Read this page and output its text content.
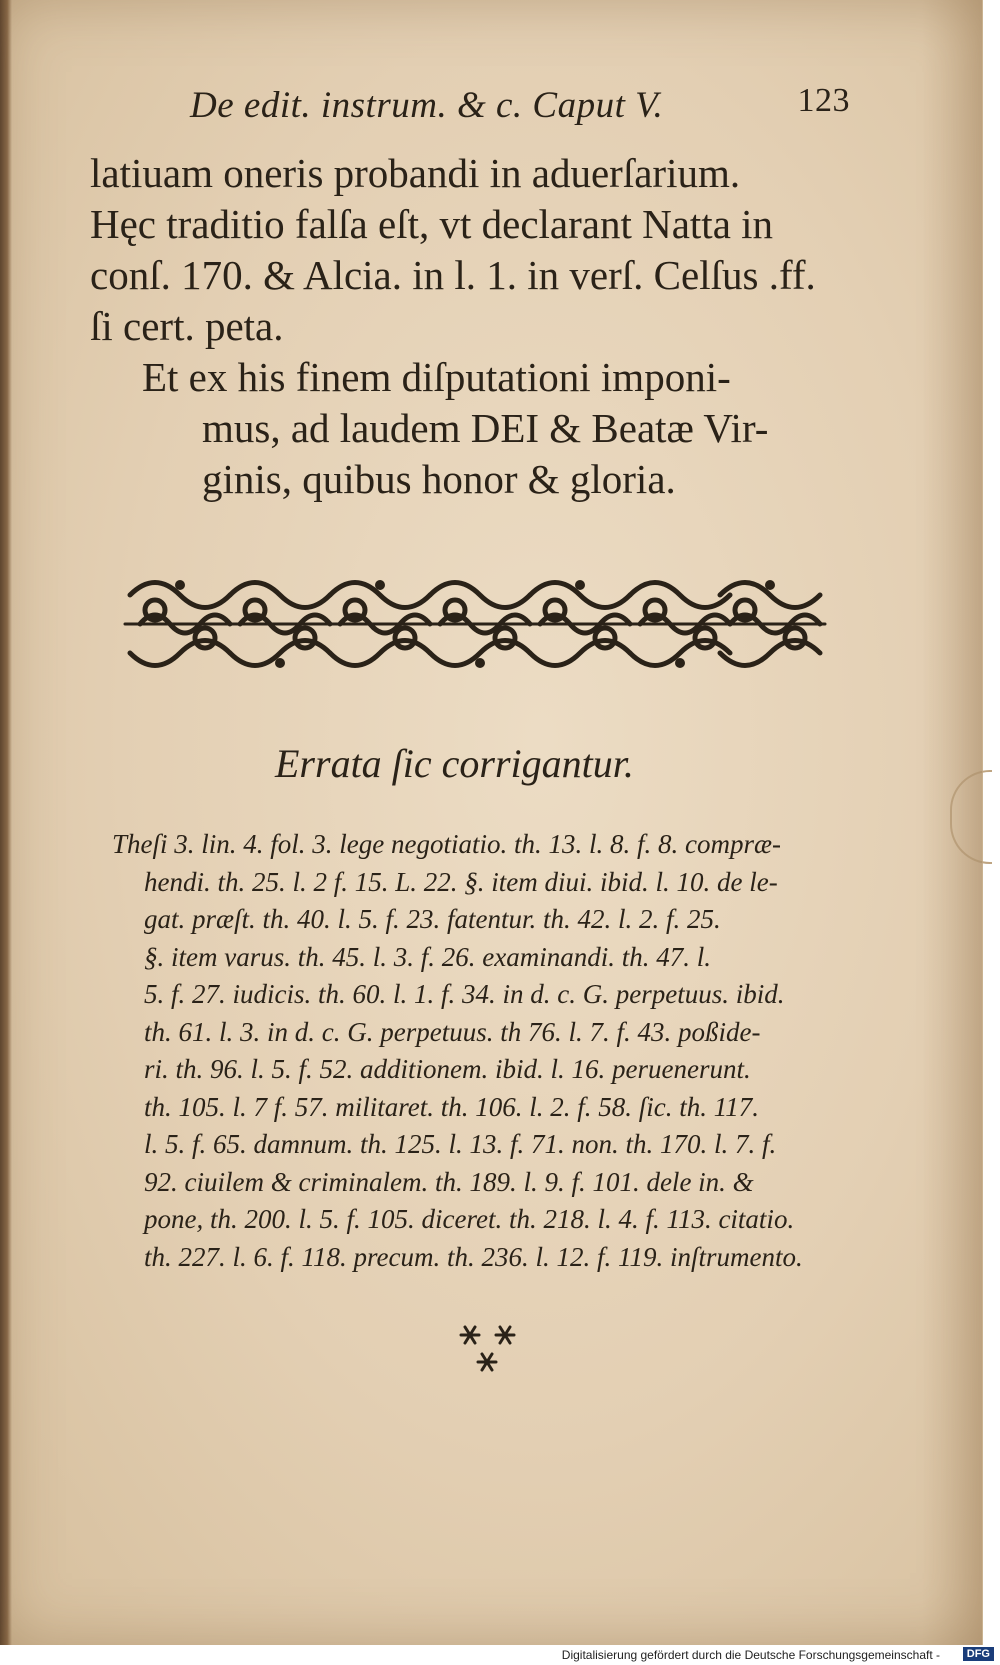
De edit. instrum. & c. Caput V.	123

latiuam oneris probandi in aduerſarium.
Hęc traditio falſa eſt, vt declarant Natta in
conſ. 170. & Alcia. in l. 1. in verſ. Celſus .ff.
ſi cert. peta.

Et ex his finem diſputationi imponi-
mus, ad laudem DEI & Beatæ Vir-
ginis, quibus honor & gloria.

Errata ſic corrigantur.
Theſi 3. lin. 4. fol. 3. lege negotiatio. th. 13. l. 8. f. 8. compræ-
hendi. th. 25. l. 2 f. 15. L. 22. §. item diui. ibid. l. 10. de le-
gat. præſt. th. 40. l. 5. f. 23. fatentur. th. 42. l. 2. f. 25.
§. item varus. th. 45. l. 3. f. 26. examinandi. th. 47. l.
5. f. 27. iudicis. th. 60. l. 1. f. 34. in d. c. G. perpetuus. ibid.
th. 61. l. 3. in d. c. G. perpetuus. th 76. l. 7. f. 43. poßide-
ri. th. 96. l. 5. f. 52. additionem. ibid. l. 16. peruenerunt.
th. 105. l. 7 f. 57. militaret. th. 106. l. 2. f. 58. ſic. th. 117.
l. 5. f. 65. damnum. th. 125. l. 13. f. 71. non. th. 170. l. 7. f.
92. ciuilem & criminalem. th. 189. l. 9. f. 101. dele in. &
pone, th. 200. l. 5. f. 105. diceret. th. 218. l. 4. f. 113. citatio.
th. 227. l. 6. f. 118. precum. th. 236. l. 12. f. 119. inſtrumento.
Digitalisierung gefördert durch die Deutsche Forschungsgemeinschaft -	DFG
